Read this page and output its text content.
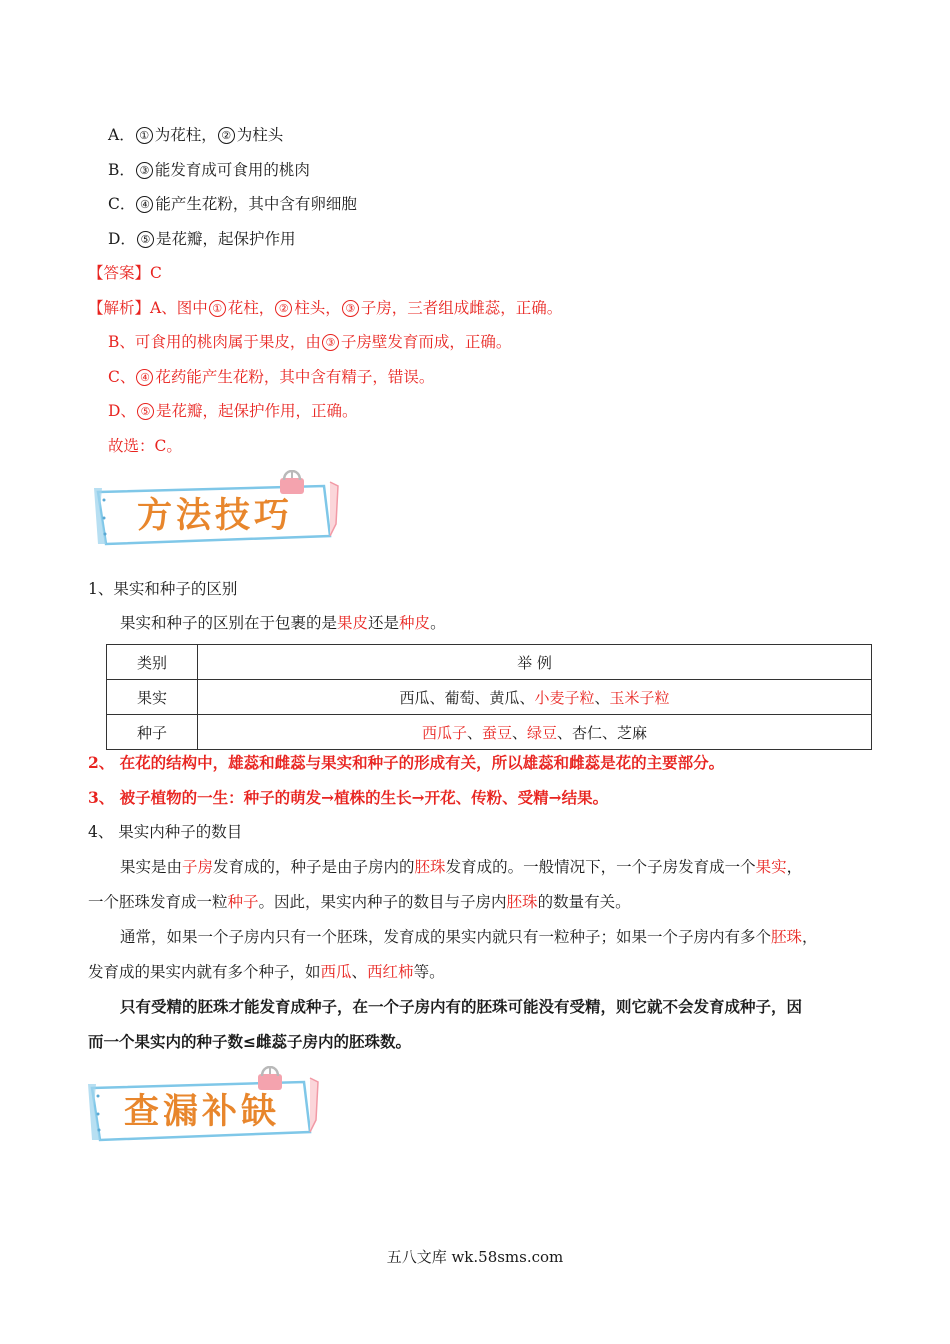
A． ① 为花柱， ② 为柱头
B． ③ 能发育成可食用的桃肉
C． ④ 能产生花粉，其中含有卵细胞
D． ⑤ 是花瓣，起保护作用
【答案】C
【解析】A、图中 ① 花柱， ② 柱头， ③ 子房，三者组成雌蕊，正确。
B、可食用的桃肉属于果皮，由 ③ 子房壁发育而成，正确。
C、 ④ 花药能产生花粉，其中含有精子，错误。
D、 ⑤ 是花瓣，起保护作用，正确。
故选：C。
方法技巧
1、果实和种子的区别
果实和种子的区别在于包裹的是果皮还是种皮。
类别	举 例
果实	西瓜、葡萄、黄瓜、小麦子粒、玉米子粒
种子	西瓜子、蚕豆、绿豆、杏仁、芝麻
2、 在花的结构中，雄蕊和雌蕊与果实和种子的形成有关，所以雄蕊和雌蕊是花的主要部分。
3、 被子植物的一生：种子的萌发→植株的生长→开花、传粉、受精→结果。
4、 果实内种子的数目
果实是由子房发育成的，种子是由子房内的胚珠发育成的。一般情况下，一个子房发育成一个果实，
一个胚珠发育成一粒种子。因此，果实内种子的数目与子房内胚珠的数量有关。
通常，如果一个子房内只有一个胚珠，发育成的果实内就只有一粒种子；如果一个子房内有多个胚珠，
发育成的果实内就有多个种子，如西瓜、西红柿等。
只有受精的胚珠才能发育成种子，在一个子房内有的胚珠可能没有受精，则它就不会发育成种子，因
而一个果实内的种子数≤雌蕊子房内的胚珠数。
查漏补缺
五八文库 wk.58sms.com
